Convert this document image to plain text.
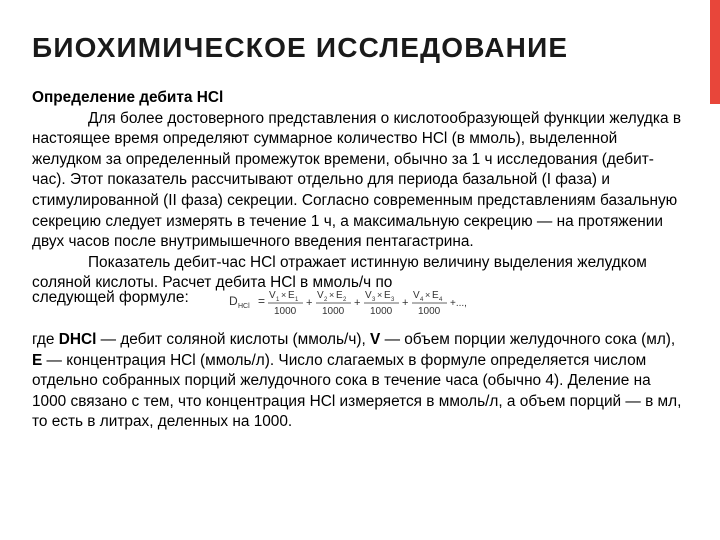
БИОХИМИЧЕСКОЕ ИССЛЕДОВАНИЕ

Определение дебита HCl

Для более достоверного представления о кислотообразующей функции желудка в настоящее время определяют суммарное количество HCl (в ммоль), выделенной желудком за определенный промежуток времени, обычно за 1 ч исследования (дебит-час). Этот показатель рассчитывают отдельно для периода базальной (I фаза) и стимулированной (II фаза) секреции. Согласно современным представлениям базальную секрецию следует измерять в течение 1 ч, а максимальную секрецию — на протяжении двух часов после внутримышечного введения пентагастрина.

Показатель дебит-час HCl отражает истинную величину выделения желудком соляной кислоты. Расчет дебита HCl в ммоль/ч по

следующей формуле:	D HCl = V 1 × E 1
1000
+
V 2 × E 2
1000
+
V 3 × E 3
1000
+
V 4 × E 4
1000
+...,

где DHCl — дебит соляной кислоты (ммоль/ч), V — объем порции желудочного сока (мл), E — концентрация HCl (ммоль/л). Число слагаемых в формуле определяется числом отдельно собранных порций желудочного сока в течение часа (обычно 4). Деление на 1000 связано с тем, что концентрация HCl измеряется в ммоль/л, а объем порций — в мл, то есть в литрах, деленных на 1000.
